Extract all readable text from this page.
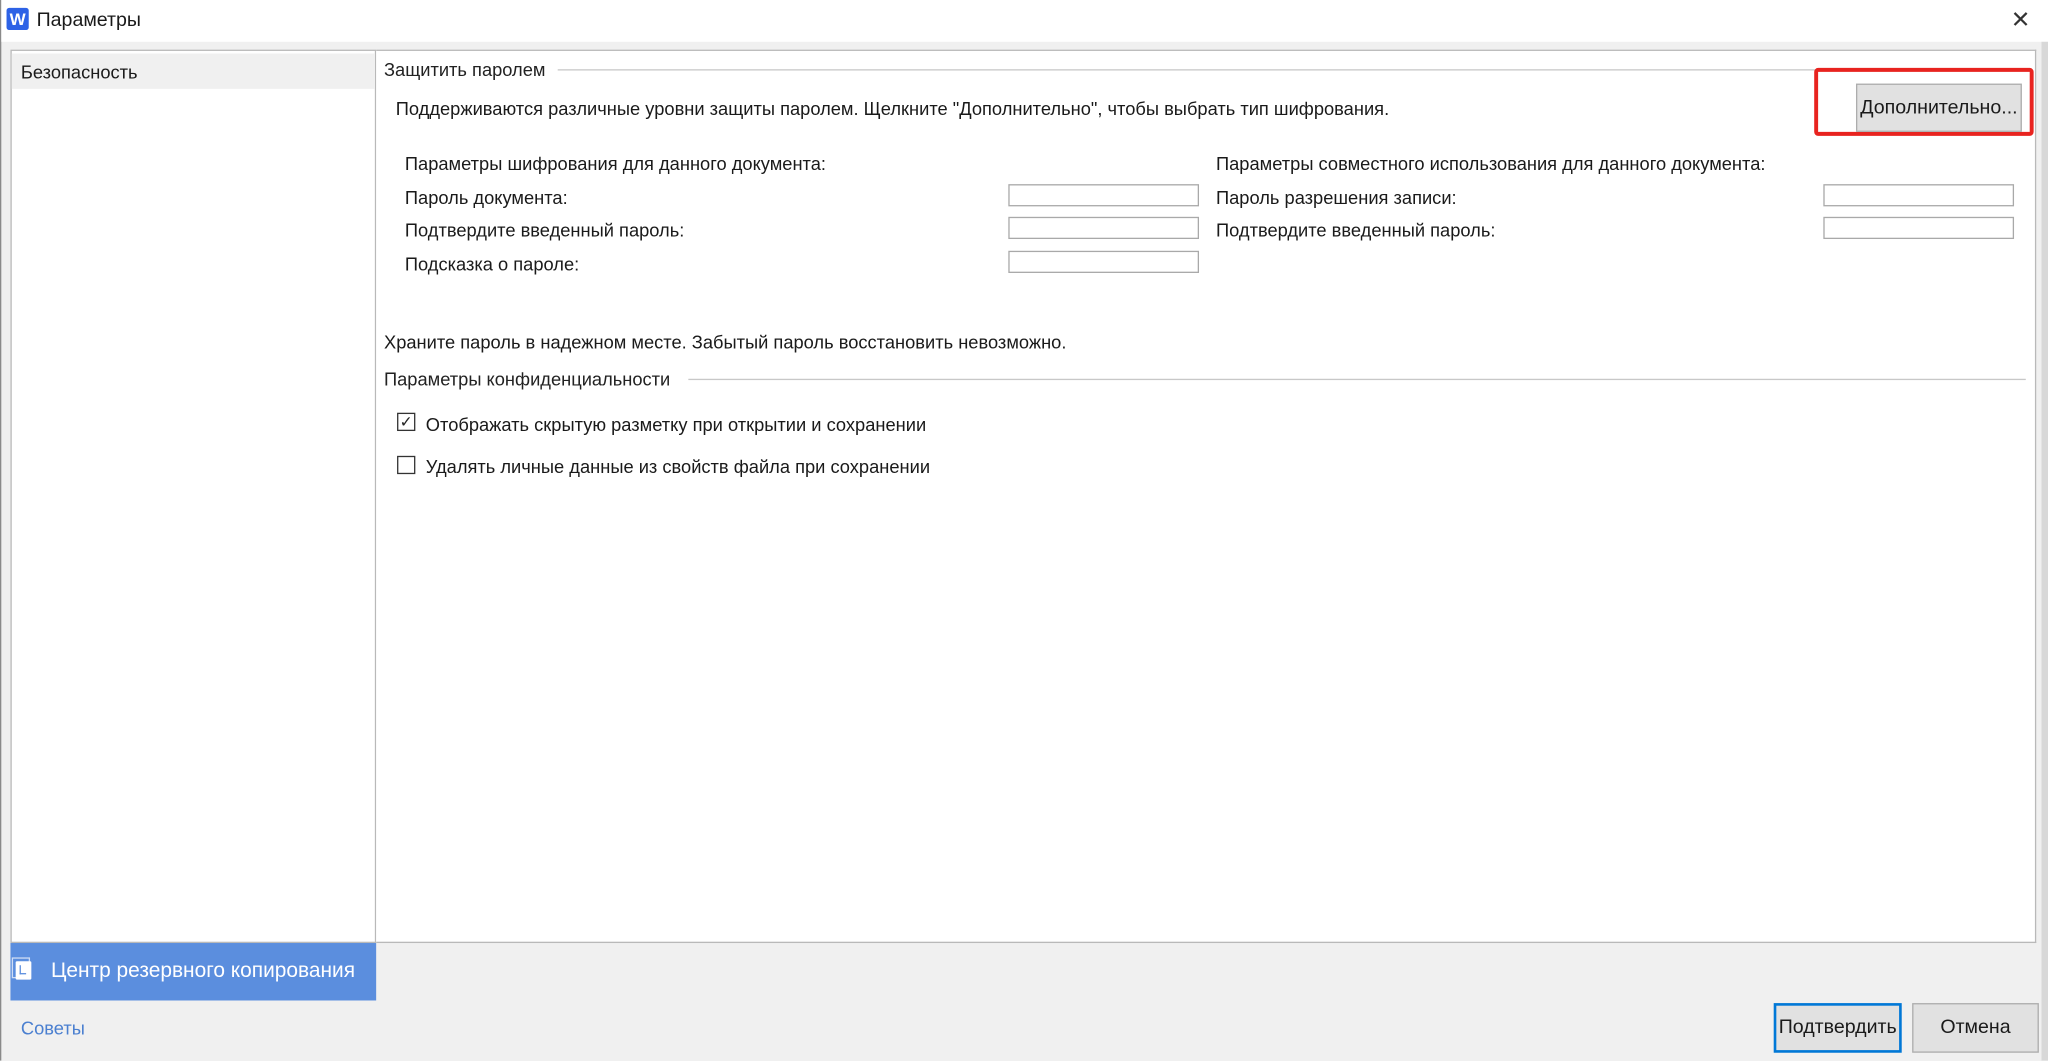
W Параметры	✕
Безопасность
Центр резервного копирования
Советы
Защитить паролем
Поддерживаются различные уровни защиты паролем. Щелкните "Дополнительно", чтобы выбрать тип шифрования.	Дополнительно...
Параметры шифрования для данного документа:
Пароль документа:
Подтвердите введенный пароль:
Подсказка о пароле:
Параметры совместного использования для данного документа:
Пароль разрешения записи:
Подтвердите введенный пароль:
Храните пароль в надежном месте. Забытый пароль восстановить невозможно.
Параметры конфиденциальности
✓ Отображать скрытую разметку при открытии и сохранении
Удалять личные данные из свойств файла при сохранении
Подтвердить	Отмена
